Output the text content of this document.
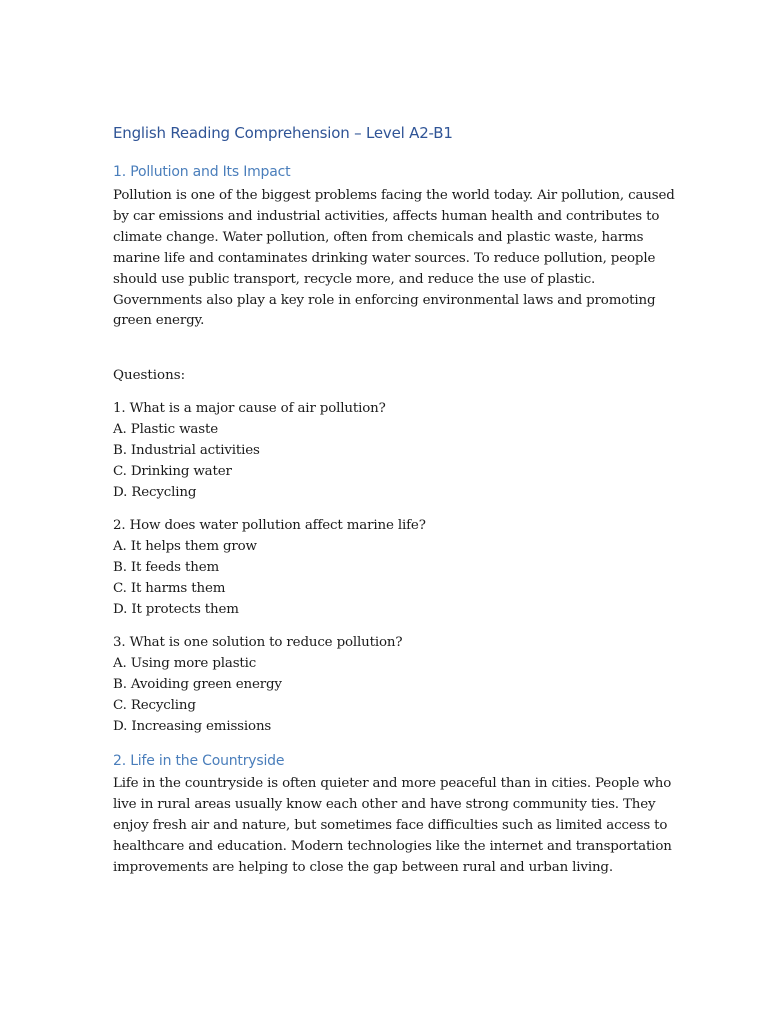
English Reading Comprehension – Level A2-B1
1. Pollution and Its Impact
Pollution is one of the biggest problems facing the world today. Air pollution, caused
by car emissions and industrial activities, affects human health and contributes to
climate change. Water pollution, often from chemicals and plastic waste, harms
marine life and contaminates drinking water sources. To reduce pollution, people
should use public transport, recycle more, and reduce the use of plastic.
Governments also play a key role in enforcing environmental laws and promoting
green energy.

Questions:

1. What is a major cause of air pollution?
A. Plastic waste
B. Industrial activities
C. Drinking water
D. Recycling
2. How does water pollution affect marine life?
A. It helps them grow
B. It feeds them
C. It harms them
D. It protects them
3. What is one solution to reduce pollution?
A. Using more plastic
B. Avoiding green energy
C. Recycling
D. Increasing emissions
2. Life in the Countryside
Life in the countryside is often quieter and more peaceful than in cities. People who
live in rural areas usually know each other and have strong community ties. They
enjoy fresh air and nature, but sometimes face difficulties such as limited access to
healthcare and education. Modern technologies like the internet and transportation
improvements are helping to close the gap between rural and urban living.
